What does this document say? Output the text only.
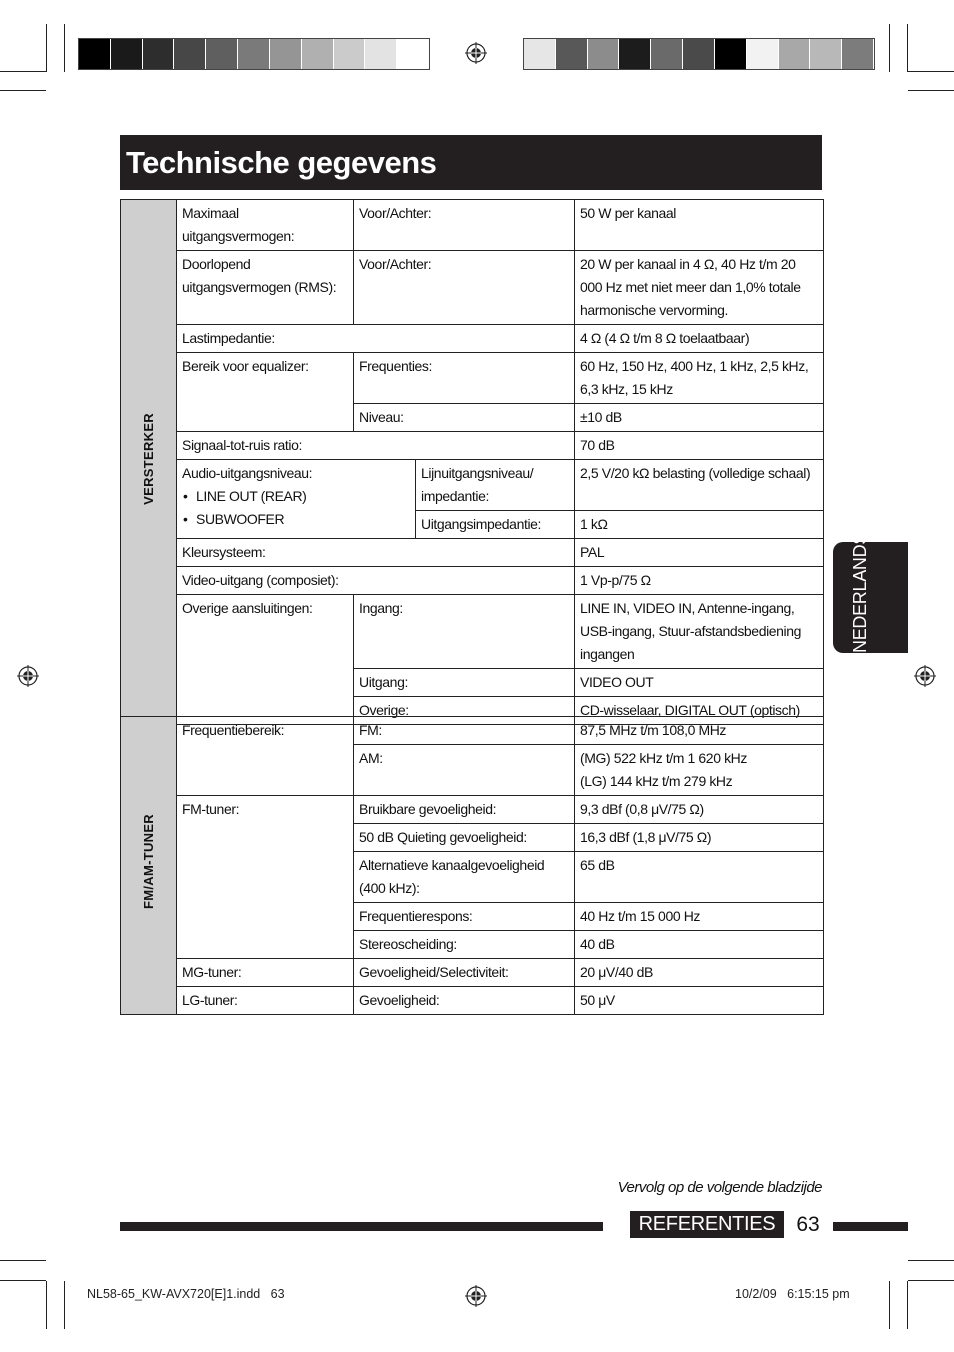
Technische gegevens
VERSTERKER	Maximaal uitgangsvermogen:	Voor/Achter:		50 W per kanaal
	Doorlopend uitgangsvermogen (RMS):	Voor/Achter:		20 W per kanaal in 4 Ω, 40 Hz t/m 20 000 Hz met niet meer dan 1,0% totale harmonische vervorming.
	Lastimpedantie:			4 Ω (4 Ω t/m 8 Ω toelaatbaar)
	Bereik voor equalizer:	Frequenties:		60 Hz, 150 Hz, 400 Hz, 1 kHz, 2,5 kHz, 6,3 kHz, 15 kHz
		Niveau:		±10 dB
	Signaal-tot-ruis ratio:			70 dB

	Audio-uitgangsniveau:
• LINE OUT (REAR)
• SUBWOOFER		Lijnuitgangsniveau/ impedantie:	2,5 V/20 kΩ belasting (volledige schaal)
			Uitgangsimpedantie:	1 kΩ
	Kleursysteem:			PAL
	Video-uitgang (composiet):			1 Vp-p/75 Ω
	Overige aansluitingen:	Ingang:		LINE IN, VIDEO IN, Antenne-ingang, USB-ingang, Stuur-afstandsbediening ingangen
		Uitgang:		VIDEO OUT
		Overige:		CD-wisselaar, DIGITAL OUT (optisch)
FM/AM-TUNER	Frequentiebereik:	FM:	87,5 MHz t/m 108,0 MHz
		AM:	(MG) 522 kHz t/m 1 620 kHz
(LG) 144 kHz t/m 279 kHz

	FM-tuner:	Bruikbare gevoeligheid:	9,3 dBf (0,8 μV/75 Ω)
		50 dB Quieting gevoeligheid:	16,3 dBf (1,8 μV/75 Ω)
		Alternatieve kanaalgevoeligheid (400 kHz):	65 dB
		Frequentierespons:	40 Hz t/m 15 000 Hz
		Stereoscheiding:	40 dB
	MG-tuner:	Gevoeligheid/Selectiviteit:	20 μV/40 dB
	LG-tuner:	Gevoeligheid:	50 μV
NEDERLANDS
Vervolg op de volgende bladzijde
REFERENTIES 63
NL58-65_KW-AVX720[E]1.indd   63	10/2/09   6:15:15 pm
